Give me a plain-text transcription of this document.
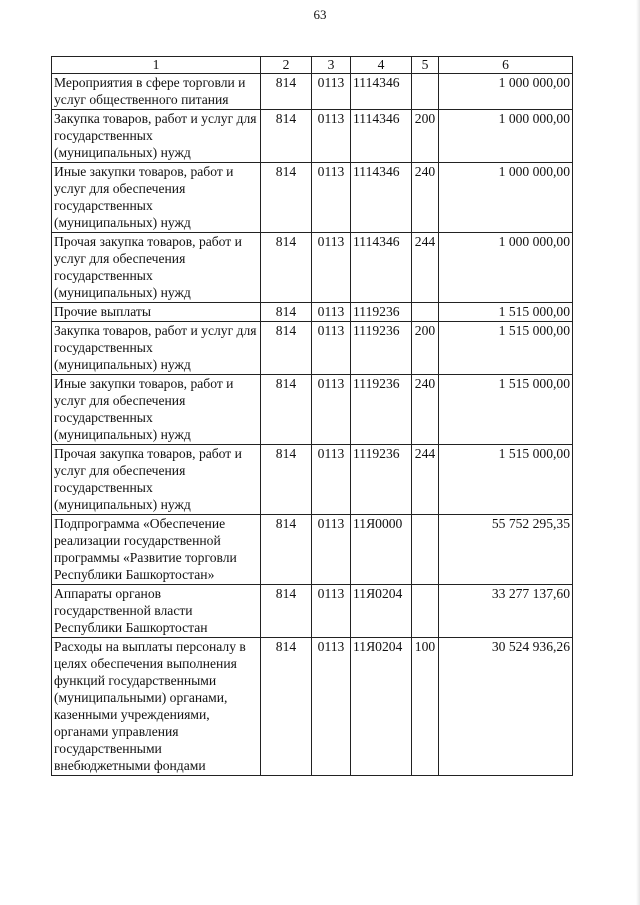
63
1	2	3	4	5	6
Мероприятия в сфере торговли и услуг общественного питания	814	0113	1114346		1 000 000,00
Закупка товаров, работ и услуг для государственных (муниципальных) нужд	814	0113	1114346	200	1 000 000,00
Иные закупки товаров, работ и услуг для обеспечения государственных (муниципальных) нужд	814	0113	1114346	240	1 000 000,00
Прочая закупка товаров, работ и услуг для обеспечения государственных (муниципальных) нужд	814	0113	1114346	244	1 000 000,00
Прочие выплаты	814	0113	1119236		1 515 000,00
Закупка товаров, работ и услуг для государственных (муниципальных) нужд	814	0113	1119236	200	1 515 000,00
Иные закупки товаров, работ и услуг для обеспечения государственных (муниципальных) нужд	814	0113	1119236	240	1 515 000,00
Прочая закупка товаров, работ и услуг для обеспечения государственных (муниципальных) нужд	814	0113	1119236	244	1 515 000,00
Подпрограмма «Обеспечение реализации государственной программы «Развитие торговли Республики Башкортостан»	814	0113	11Я0000		55 752 295,35
Аппараты органов государственной власти Республики Башкортостан	814	0113	11Я0204		33 277 137,60
Расходы на выплаты персоналу в целях обеспечения выполнения функций государственными (муниципальными) органами, казенными учреждениями, органами управления государственными внебюджетными фондами	814	0113	11Я0204	100	30 524 936,26
